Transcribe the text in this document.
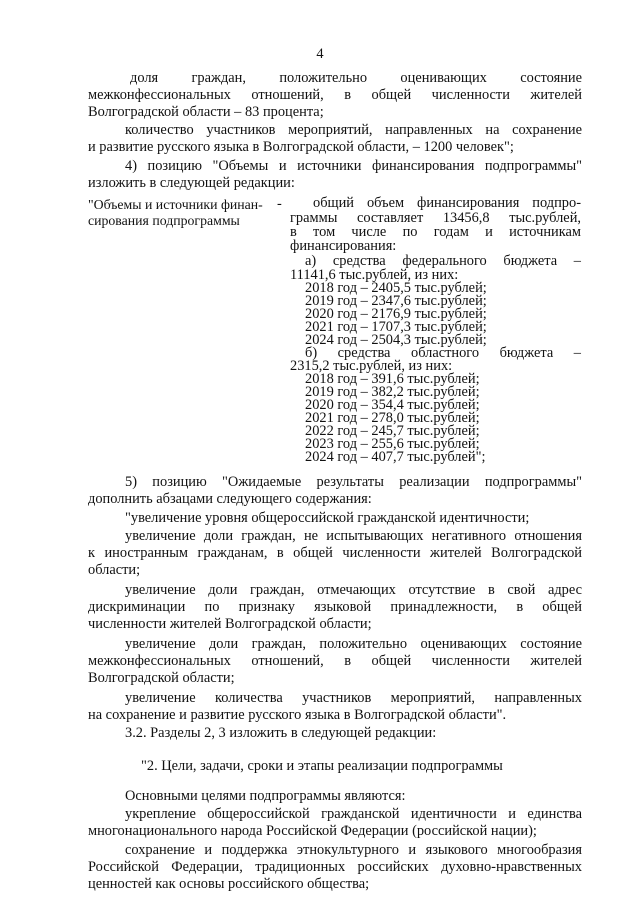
4
доля граждан, положительно оценивающих состояние
межконфессиональных отношений, в общей численности жителей
Волгоградской области – 83 процента;
количество участников мероприятий, направленных на сохранение
и развитие русского языка в Волгоградской области, – 1200 человек";
4) позицию "Объемы и источники финансирования подпрограммы"
изложить в следующей редакции:
"Объемы и источники финан-
сирования подпрограммы
- общий объем финансирования подпро-
граммы составляет 13456,8 тыс.рублей,
в том числе по годам и источникам
финансирования:
а) средства федерального бюджета –
11141,6 тыс.рублей, из них:
2018 год – 2405,5 тыс.рублей;
2019 год – 2347,6 тыс.рублей;
2020 год – 2176,9 тыс.рублей;
2021 год – 1707,3 тыс.рублей;
2024 год – 2504,3 тыс.рублей;
б) средства областного бюджета –
2315,2 тыс.рублей, из них:
2018 год – 391,6 тыс.рублей;
2019 год – 382,2 тыс.рублей;
2020 год – 354,4 тыс.рублей;
2021 год – 278,0 тыс.рублей;
2022 год – 245,7 тыс.рублей;
2023 год – 255,6 тыс.рублей;
2024 год – 407,7 тыс.рублей";
5) позицию "Ожидаемые результаты реализации подпрограммы"
дополнить абзацами следующего содержания:
"увеличение уровня общероссийской гражданской идентичности;
увеличение доли граждан, не испытывающих негативного отношения
к иностранным гражданам, в общей численности жителей Волгоградской
области;
увеличение доли граждан, отмечающих отсутствие в свой адрес
дискриминации по признаку языковой принадлежности, в общей
численности жителей Волгоградской области;
увеличение доли граждан, положительно оценивающих состояние
межконфессиональных отношений, в общей численности жителей
Волгоградской области;
увеличение количества участников мероприятий, направленных
на сохранение и развитие русского языка в Волгоградской области".
3.2. Разделы 2, 3 изложить в следующей редакции:
"2. Цели, задачи, сроки и этапы реализации подпрограммы
Основными целями подпрограммы являются:
укрепление общероссийской гражданской идентичности и единства
многонационального народа Российской Федерации (российской нации);
сохранение и поддержка этнокультурного и языкового многообразия
Российской Федерации, традиционных российских духовно-нравственных
ценностей как основы российского общества;
